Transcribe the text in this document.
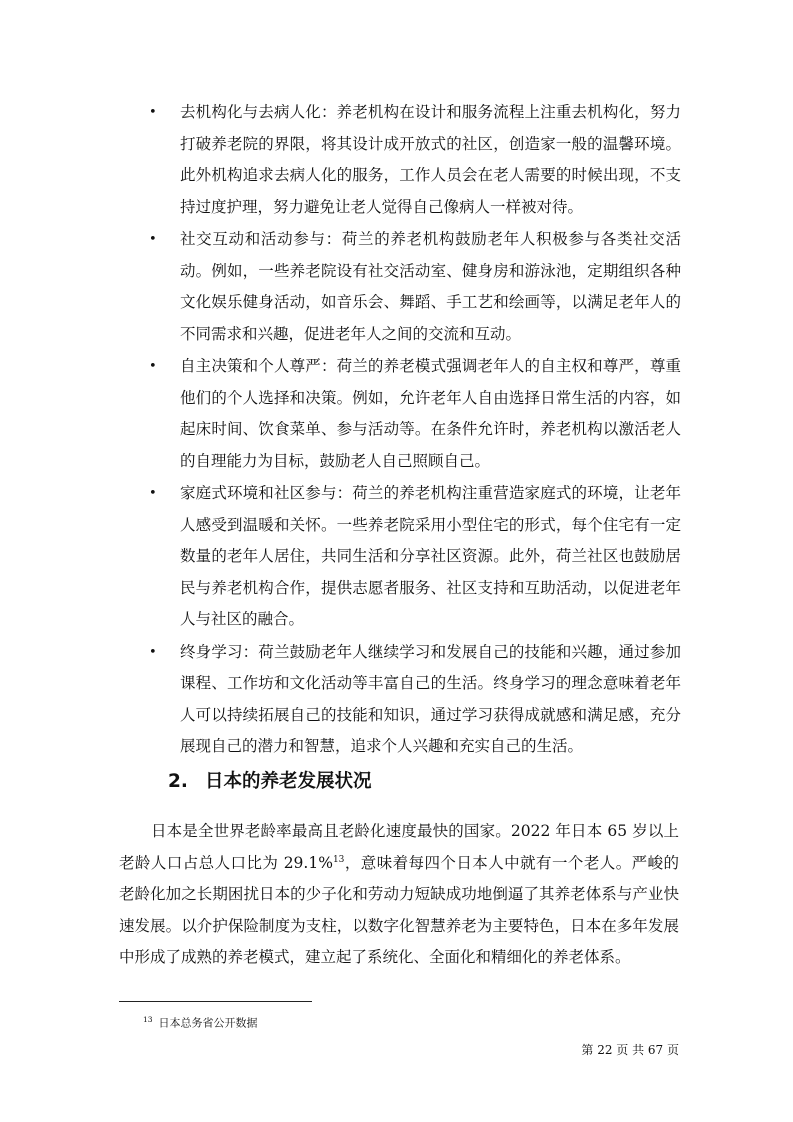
•	去机构化与去病人化：养老机构在设计和服务流程上注重去机构化，努力打破养老院的界限，将其设计成开放式的社区，创造家一般的温馨环境。此外机构追求去病人化的服务，工作人员会在老人需要的时候出现，不支持过度护理，努力避免让老人觉得自己像病人一样被对待。
•	社交互动和活动参与：荷兰的养老机构鼓励老年人积极参与各类社交活动。例如，一些养老院设有社交活动室、健身房和游泳池，定期组织各种文化娱乐健身活动，如音乐会、舞蹈、手工艺和绘画等，以满足老年人的不同需求和兴趣，促进老年人之间的交流和互动。
•	自主决策和个人尊严：荷兰的养老模式强调老年人的自主权和尊严，尊重他们的个人选择和决策。例如，允许老年人自由选择日常生活的内容，如起床时间、饮食菜单、参与活动等。在条件允许时，养老机构以激活老人的自理能力为目标，鼓励老人自己照顾自己。
•	家庭式环境和社区参与：荷兰的养老机构注重营造家庭式的环境，让老年人感受到温暖和关怀。一些养老院采用小型住宅的形式，每个住宅有一定数量的老年人居住，共同生活和分享社区资源。此外，荷兰社区也鼓励居民与养老机构合作，提供志愿者服务、社区支持和互助活动，以促进老年人与社区的融合。
•	终身学习：荷兰鼓励老年人继续学习和发展自己的技能和兴趣，通过参加课程、工作坊和文化活动等丰富自己的生活。终身学习的理念意味着老年人可以持续拓展自己的技能和知识，通过学习获得成就感和满足感，充分展现自己的潜力和智慧，追求个人兴趣和充实自己的生活。
2. 日本的养老发展状况

日本是全世界老龄率最高且老龄化速度最快的国家。2022 年日本 65 岁以上老龄人口占总人口比为 29.1%$^{13}$，意味着每四个日本人中就有一个老人。严峻的老龄化加之长期困扰日本的少子化和劳动力短缺成功地倒逼了其养老体系与产业快速发展。以介护保险制度为支柱，以数字化智慧养老为主要特色，日本在多年发展中形成了成熟的养老模式，建立起了系统化、全面化和精细化的养老体系。

$^{13}$ 日本总务省公开数据

第 22 页 共 67 页
